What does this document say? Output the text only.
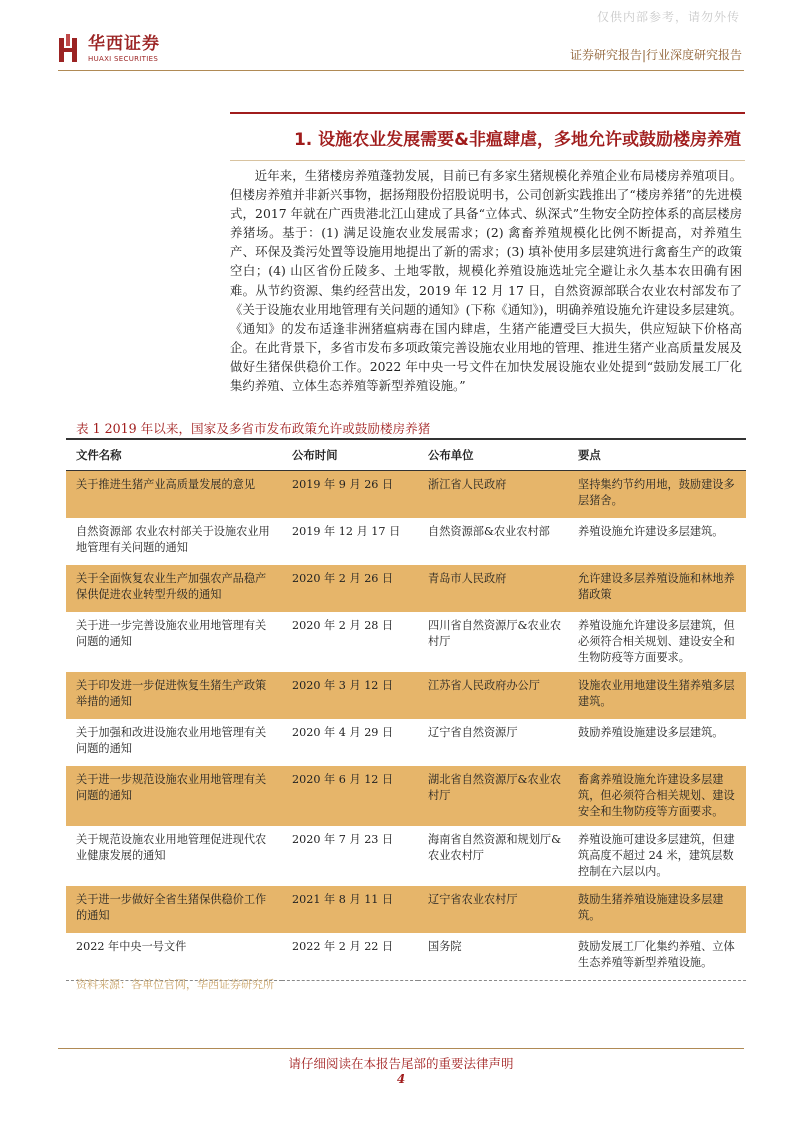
仅供内部参考，请勿外传
华西证券
HUAXI SECURITIES	证券研究报告|行业深度研究报告
1. 设施农业发展需要&非瘟肆虐，多地允许或鼓励楼房养殖

近年来，生猪楼房养殖蓬勃发展，目前已有多家生猪规模化养殖企业布局楼房养殖项目。但楼房养殖并非新兴事物，据扬翔股份招股说明书，公司创新实践推出了“楼房养猪”的先进模式，2017 年就在广西贵港北江山建成了具备“立体式、纵深式”生物安全防控体系的高层楼房养猪场。基于：(1) 满足设施农业发展需求；(2) 禽畜养殖规模化比例不断提高，对养殖生产、环保及粪污处置等设施用地提出了新的需求；(3) 填补使用多层建筑进行禽畜生产的政策空白；(4) 山区省份丘陵多、土地零散，规模化养殖设施选址完全避让永久基本农田确有困难。从节约资源、集约经营出发，2019 年 12 月 17 日，自然资源部联合农业农村部发布了《关于设施农业用地管理有关问题的通知》(下称《通知》)，明确养殖设施允许建设多层建筑。《通知》的发布适逢非洲猪瘟病毒在国内肆虐，生猪产能遭受巨大损失，供应短缺下价格高企。在此背景下，多省市发布多项政策完善设施农业用地的管理、推进生猪产业高质量发展及做好生猪保供稳价工作。2022 年中央一号文件在加快发展设施农业处提到“鼓励发展工厂化集约养殖、立体生态养殖等新型养殖设施。”

表 1 2019 年以来，国家及多省市发布政策允许或鼓励楼房养猪
文件名称	公布时间	公布单位	要点
关于推进生猪产业高质量发展的意见	2019 年 9 月 26 日	浙江省人民政府	坚持集约节约用地，鼓励建设多层猪舍。
自然资源部 农业农村部关于设施农业用地管理有关问题的通知	2019 年 12 月 17 日	自然资源部&农业农村部	养殖设施允许建设多层建筑。
关于全面恢复农业生产加强农产品稳产保供促进农业转型升级的通知	2020 年 2 月 26 日	青岛市人民政府	允许建设多层养殖设施和林地养猪政策
关于进一步完善设施农业用地管理有关问题的通知	2020 年 2 月 28 日	四川省自然资源厅&农业农村厅	养殖设施允许建设多层建筑，但必须符合相关规划、建设安全和生物防疫等方面要求。
关于印发进一步促进恢复生猪生产政策举措的通知	2020 年 3 月 12 日	江苏省人民政府办公厅	设施农业用地建设生猪养殖多层建筑。
关于加强和改进设施农业用地管理有关问题的通知	2020 年 4 月 29 日	辽宁省自然资源厅	鼓励养殖设施建设多层建筑。
关于进一步规范设施农业用地管理有关问题的通知	2020 年 6 月 12 日	湖北省自然资源厅&农业农村厅	畜禽养殖设施允许建设多层建筑，但必须符合相关规划、建设安全和生物防疫等方面要求。
关于规范设施农业用地管理促进现代农业健康发展的通知	2020 年 7 月 23 日	海南省自然资源和规划厅&农业农村厅	养殖设施可建设多层建筑，但建筑高度不超过 24 米，建筑层数控制在六层以内。
关于进一步做好全省生猪保供稳价工作的通知	2021 年 8 月 11 日	辽宁省农业农村厅	鼓励生猪养殖设施建设多层建筑。
2022 年中央一号文件	2022 年 2 月 22 日	国务院	鼓励发展工厂化集约养殖、立体生态养殖等新型养殖设施。
资料来源：各单位官网，华西证券研究所
请仔细阅读在本报告尾部的重要法律声明
4
